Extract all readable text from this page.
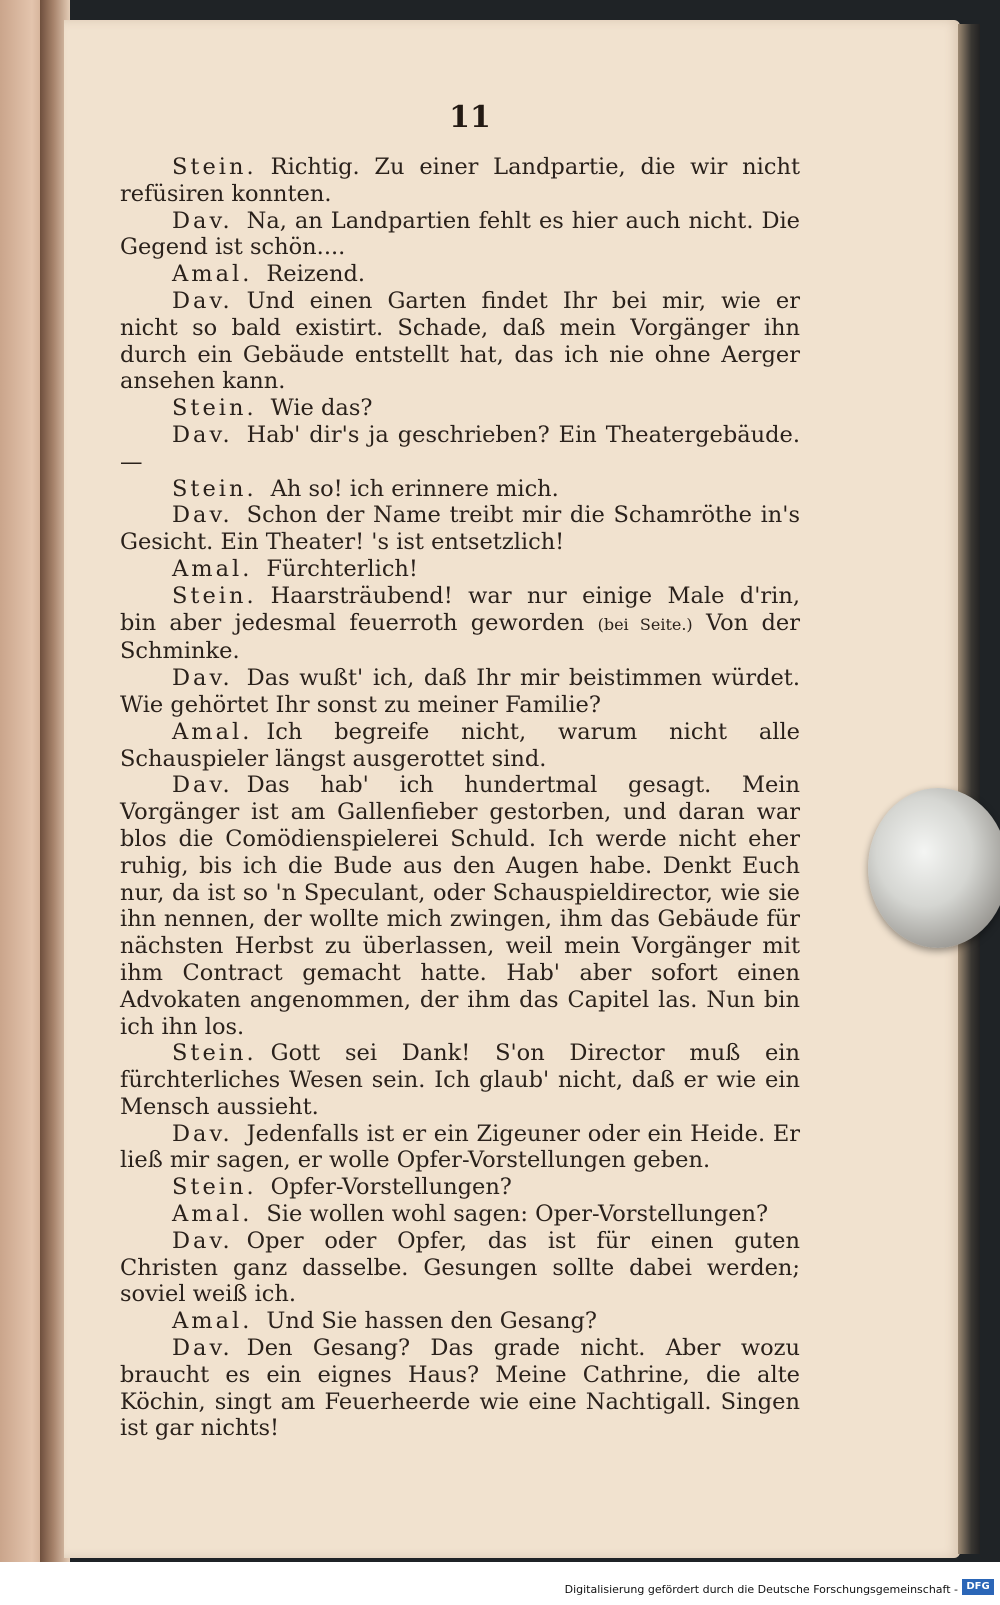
11

Stein. Richtig. Zu einer Landpartie, die wir nicht refüsiren konnten.

Dav. Na, an Landpartien fehlt es hier auch nicht. Die Gegend ist schön....

Amal. Reizend.

Dav. Und einen Garten findet Ihr bei mir, wie er nicht so bald existirt. Schade, daß mein Vorgänger ihn durch ein Gebäude entstellt hat, das ich nie ohne Aerger ansehen kann.

Stein. Wie das?

Dav. Hab' dir's ja geschrieben? Ein Theatergebäude. —

Stein. Ah so! ich erinnere mich.

Dav. Schon der Name treibt mir die Schamröthe in's Gesicht. Ein Theater! 's ist entsetzlich!

Amal. Fürchterlich!

Stein. Haarsträubend! war nur einige Male d'rin, bin aber jedesmal feuerroth geworden (bei Seite.) Von der Schminke.

Dav. Das wußt' ich, daß Ihr mir beistimmen würdet. Wie gehörtet Ihr sonst zu meiner Familie?

Amal. Ich begreife nicht, warum nicht alle Schauspieler längst ausgerottet sind.

Dav. Das hab' ich hundertmal gesagt. Mein Vorgänger ist am Gallenfieber gestorben, und daran war blos die Comödienspielerei Schuld. Ich werde nicht eher ruhig, bis ich die Bude aus den Augen habe. Denkt Euch nur, da ist so 'n Speculant, oder Schauspieldirector, wie sie ihn nennen, der wollte mich zwingen, ihm das Gebäude für nächsten Herbst zu überlassen, weil mein Vorgänger mit ihm Contract gemacht hatte. Hab' aber sofort einen Advokaten angenommen, der ihm das Capitel las. Nun bin ich ihn los.

Stein. Gott sei Dank! S'on Director muß ein fürchterliches Wesen sein. Ich glaub' nicht, daß er wie ein Mensch aussieht.

Dav. Jedenfalls ist er ein Zigeuner oder ein Heide. Er ließ mir sagen, er wolle Opfer-Vorstellungen geben.

Stein. Opfer-Vorstellungen?

Amal. Sie wollen wohl sagen: Oper-Vorstellungen?

Dav. Oper oder Opfer, das ist für einen guten Christen ganz dasselbe. Gesungen sollte dabei werden; soviel weiß ich.

Amal. Und Sie hassen den Gesang?

Dav. Den Gesang? Das grade nicht. Aber wozu braucht es ein eignes Haus? Meine Cathrine, die alte Köchin, singt am Feuerheerde wie eine Nachtigall. Singen ist gar nichts!

Digitalisierung gefördert durch die Deutsche Forschungsgemeinschaft - DFG
